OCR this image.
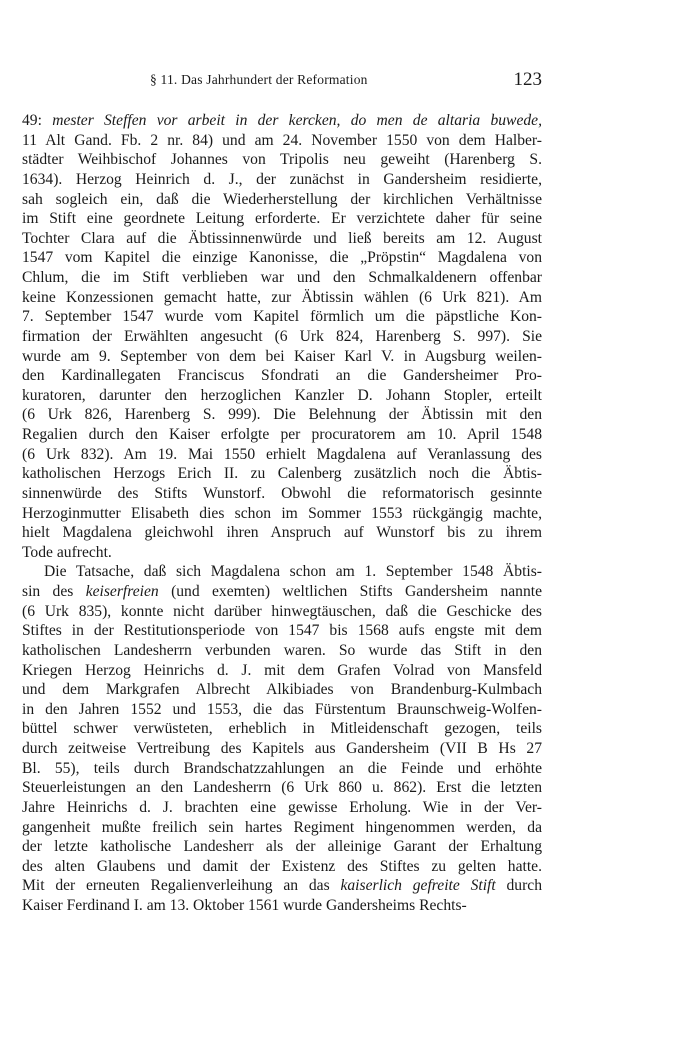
§ 11. Das Jahrhundert der Reformation	123
49: mester Steffen vor arbeit in der kercken, do men de altaria buwede,
11 Alt Gand. Fb. 2 nr. 84) und am 24. November 1550 von dem Halber-
städter Weihbischof Johannes von Tripolis neu geweiht (Harenberg S.
1634). Herzog Heinrich d. J., der zunächst in Gandersheim residierte,
sah sogleich ein, daß die Wiederherstellung der kirchlichen Verhältnisse
im Stift eine geordnete Leitung erforderte. Er verzichtete daher für seine
Tochter Clara auf die Äbtissinnenwürde und ließ bereits am 12. August
1547 vom Kapitel die einzige Kanonisse, die „Pröpstin“ Magdalena von
Chlum, die im Stift verblieben war und den Schmalkaldenern offenbar
keine Konzessionen gemacht hatte, zur Äbtissin wählen (6 Urk 821). Am
7. September 1547 wurde vom Kapitel förmlich um die päpstliche Kon-
firmation der Erwählten angesucht (6 Urk 824, Harenberg S. 997). Sie
wurde am 9. September von dem bei Kaiser Karl V. in Augsburg weilen-
den Kardinallegaten Franciscus Sfondrati an die Gandersheimer Pro-
kuratoren, darunter den herzoglichen Kanzler D. Johann Stopler, erteilt
(6 Urk 826, Harenberg S. 999). Die Belehnung der Äbtissin mit den
Regalien durch den Kaiser erfolgte per procuratorem am 10. April 1548
(6 Urk 832). Am 19. Mai 1550 erhielt Magdalena auf Veranlassung des
katholischen Herzogs Erich II. zu Calenberg zusätzlich noch die Äbtis-
sinnenwürde des Stifts Wunstorf. Obwohl die reformatorisch gesinnte
Herzoginmutter Elisabeth dies schon im Sommer 1553 rückgängig machte,
hielt Magdalena gleichwohl ihren Anspruch auf Wunstorf bis zu ihrem
Tode aufrecht.
Die Tatsache, daß sich Magdalena schon am 1. September 1548 Äbtis-
sin des keiserfreien (und exemten) weltlichen Stifts Gandersheim nannte
(6 Urk 835), konnte nicht darüber hinwegtäuschen, daß die Geschicke des
Stiftes in der Restitutionsperiode von 1547 bis 1568 aufs engste mit dem
katholischen Landesherrn verbunden waren. So wurde das Stift in den
Kriegen Herzog Heinrichs d. J. mit dem Grafen Volrad von Mansfeld
und dem Markgrafen Albrecht Alkibiades von Brandenburg-Kulmbach
in den Jahren 1552 und 1553, die das Fürstentum Braunschweig-Wolfen-
büttel schwer verwüsteten, erheblich in Mitleidenschaft gezogen, teils
durch zeitweise Vertreibung des Kapitels aus Gandersheim (VII B Hs 27
Bl. 55), teils durch Brandschatzzahlungen an die Feinde und erhöhte
Steuerleistungen an den Landesherrn (6 Urk 860 u. 862). Erst die letzten
Jahre Heinrichs d. J. brachten eine gewisse Erholung. Wie in der Ver-
gangenheit mußte freilich sein hartes Regiment hingenommen werden, da
der letzte katholische Landesherr als der alleinige Garant der Erhaltung
des alten Glaubens und damit der Existenz des Stiftes zu gelten hatte.
Mit der erneuten Regalienverleihung an das kaiserlich gefreite Stift durch
Kaiser Ferdinand I. am 13. Oktober 1561 wurde Gandersheims Rechts-
